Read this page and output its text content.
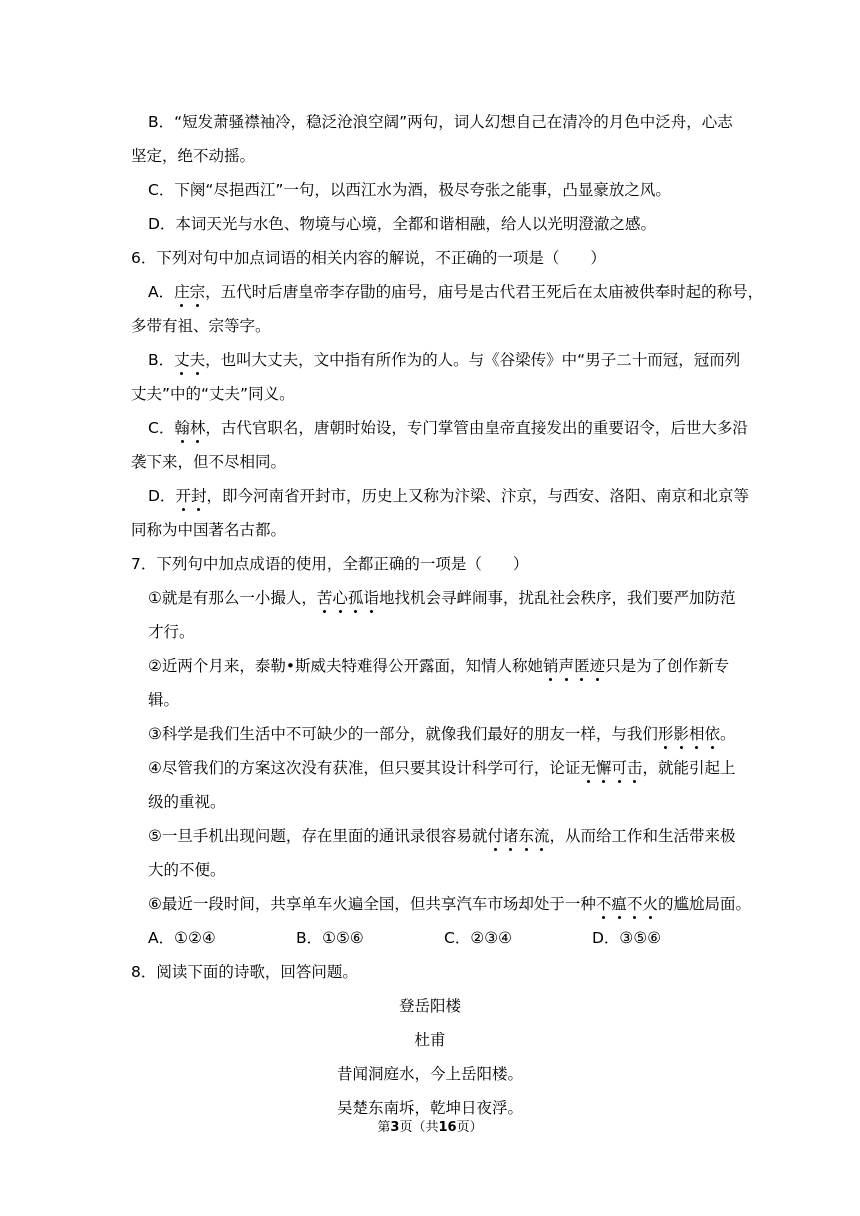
B．“短发萧骚襟袖冷，稳泛沧浪空阔”两句，词人幻想自己在清冷的月色中泛舟，心志
坚定，绝不动摇。
C．下阕“尽挹西江”一句，以西江水为酒，极尽夸张之能事，凸显豪放之风。
D．本词天光与水色、物境与心境，全都和谐相融，给人以光明澄澈之感。
6．下列对句中加点词语的相关内容的解说，不正确的一项是（　　）
A．庄宗，五代时后唐皇帝李存勖的庙号，庙号是古代君王死后在太庙被供奉时起的称号，
多带有祖、宗等字。
B．丈夫，也叫大丈夫，文中指有所作为的人。与《谷梁传》中“男子二十而冠，冠而列
丈夫”中的“丈夫”同义。
C．翰林，古代官职名，唐朝时始设，专门掌管由皇帝直接发出的重要诏令，后世大多沿
袭下来，但不尽相同。
D．开封，即今河南省开封市，历史上又称为汴梁、汴京，与西安、洛阳、南京和北京等
同称为中国著名古都。
7．下列句中加点成语的使用，全都正确的一项是（　　）
①就是有那么一小撮人，苦心孤诣地找机会寻衅闹事，扰乱社会秩序，我们要严加防范
才行。
②近两个月来，泰勒•斯威夫特难得公开露面，知情人称她销声匿迹只是为了创作新专
辑。
③科学是我们生活中不可缺少的一部分，就像我们最好的朋友一样，与我们形影相依。
④尽管我们的方案这次没有获准，但只要其设计科学可行，论证无懈可击，就能引起上
级的重视。
⑤一旦手机出现问题，存在里面的通讯录很容易就付诸东流，从而给工作和生活带来极
大的不便。
⑥最近一段时间，共享单车火遍全国，但共享汽车市场却处于一种不瘟不火的尴尬局面。
A．①②④	B．①⑤⑥	C．②③④	D．③⑤⑥
8．阅读下面的诗歌，回答问题。
登岳阳楼
杜甫
昔闻洞庭水，今上岳阳楼。
吴楚东南坼，乾坤日夜浮。
第3页（共16页）
